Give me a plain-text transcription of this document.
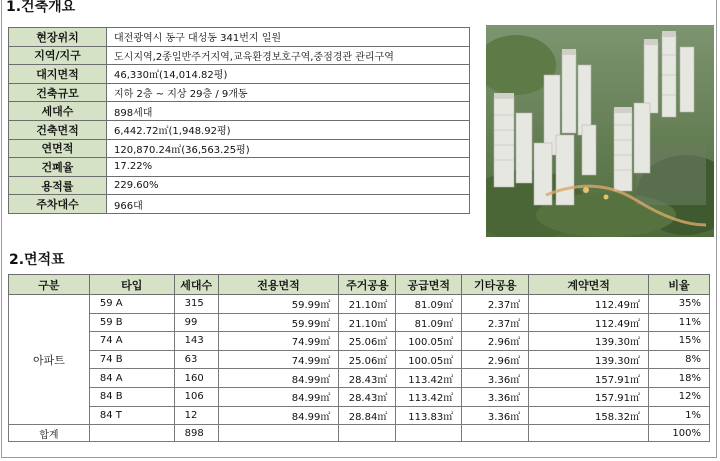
1.건축개요
현장위치	대전광역시 동구 대성동 341번지 일원
지역/지구	도시지역,2종일반주거지역,교육환경보호구역,중점경관 관리구역
대지면적	46,330㎡(14,014.82평)
건축규모	지하 2층 ~ 지상 29층 / 9개동
세대수	898세대
건축면적	6,442.72㎡(1,948.92평)
연면적	120,870.24㎡(36,563.25평)
건폐율	17.22%
용적률	229.60%
주차대수	966대
2.면적표
구분	타입	세대수	전용면적	주거공용	공급면적	기타공용	계약면적	비율
아파트	59 A	315	59.99㎡	21.10㎡	81.09㎡	2.37㎡	112.49㎡	35%
	59 B	99	59.99㎡	21.10㎡	81.09㎡	2.37㎡	112.49㎡	11%
	74 A	143	74.99㎡	25.06㎡	100.05㎡	2.96㎡	139.30㎡	15%
	74 B	63	74.99㎡	25.06㎡	100.05㎡	2.96㎡	139.30㎡	8%
	84 A	160	84.99㎡	28.43㎡	113.42㎡	3.36㎡	157.91㎡	18%
	84 B	106	84.99㎡	28.43㎡	113.42㎡	3.36㎡	157.91㎡	12%
	84 T	12	84.99㎡	28.84㎡	113.83㎡	3.36㎡	158.32㎡	1%
합계		898						100%
